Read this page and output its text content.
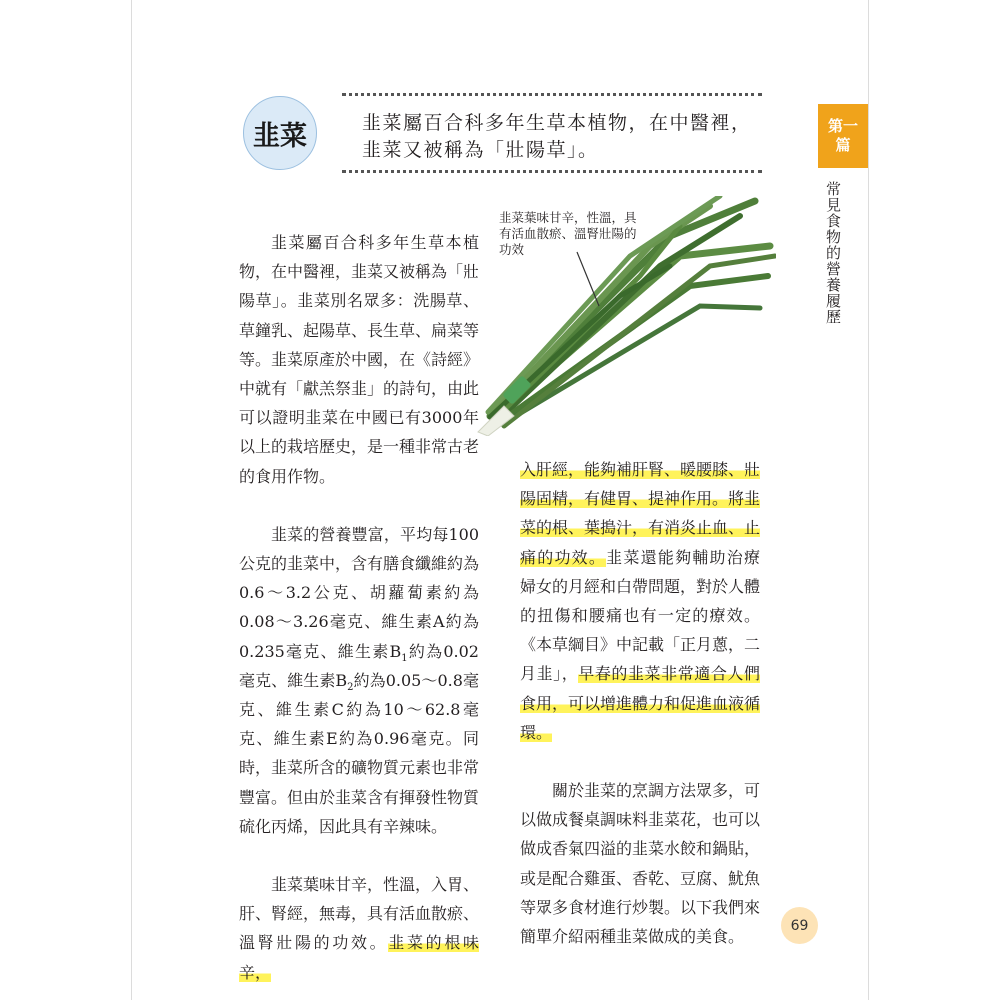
韭菜	韭菜屬百合科多年生草本植物，在中醫裡，韭菜又被稱為「壯陽草」。
第一
篇
常見食物的營養履歷

韭菜屬百合科多年生草本植物，在中醫裡，韭菜又被稱為「壯陽草」。韭菜別名眾多：洗腸草、草鐘乳、起陽草、長生草、扁菜等等。韭菜原產於中國，在《詩經》中就有「獻羔祭韭」的詩句，由此可以證明韭菜在中國已有3000年以上的栽培歷史，是一種非常古老的食用作物。

韭菜的營養豐富，平均每100公克的韭菜中，含有膳食纖維約為0.6～3.2公克、胡蘿蔔素約為0.08～3.26毫克、維生素A約為0.235毫克、維生素$B_1$約為0.02毫克、維生素$B_2$約為0.05～0.8毫克、維生素C約為10～62.8毫克、維生素E約為0.96毫克。同時，韭菜所含的礦物質元素也非常豐富。但由於韭菜含有揮發性物質硫化丙烯，因此具有辛辣味。

韭菜葉味甘辛，性溫，入胃、肝、腎經，無毒，具有活血散瘀、溫腎壯陽的功效。韭菜的根味辛，

韭菜葉味甘辛，性溫，具有活血散瘀、溫腎壯陽的功效

入肝經，能夠補肝腎、暖腰膝、壯陽固精，有健胃、提神作用。將韭菜的根、葉搗汁，有消炎止血、止痛的功效。韭菜還能夠輔助治療婦女的月經和白帶問題，對於人體的扭傷和腰痛也有一定的療效。《本草綱目》中記載「正月蔥，二月韭」，早春的韭菜非常適合人們食用，可以增進體力和促進血液循環。

關於韭菜的烹調方法眾多，可以做成餐桌調味料韭菜花，也可以做成香氣四溢的韭菜水餃和鍋貼，或是配合雞蛋、香乾、豆腐、魷魚等眾多食材進行炒製。以下我們來簡單介紹兩種韭菜做成的美食。

69
